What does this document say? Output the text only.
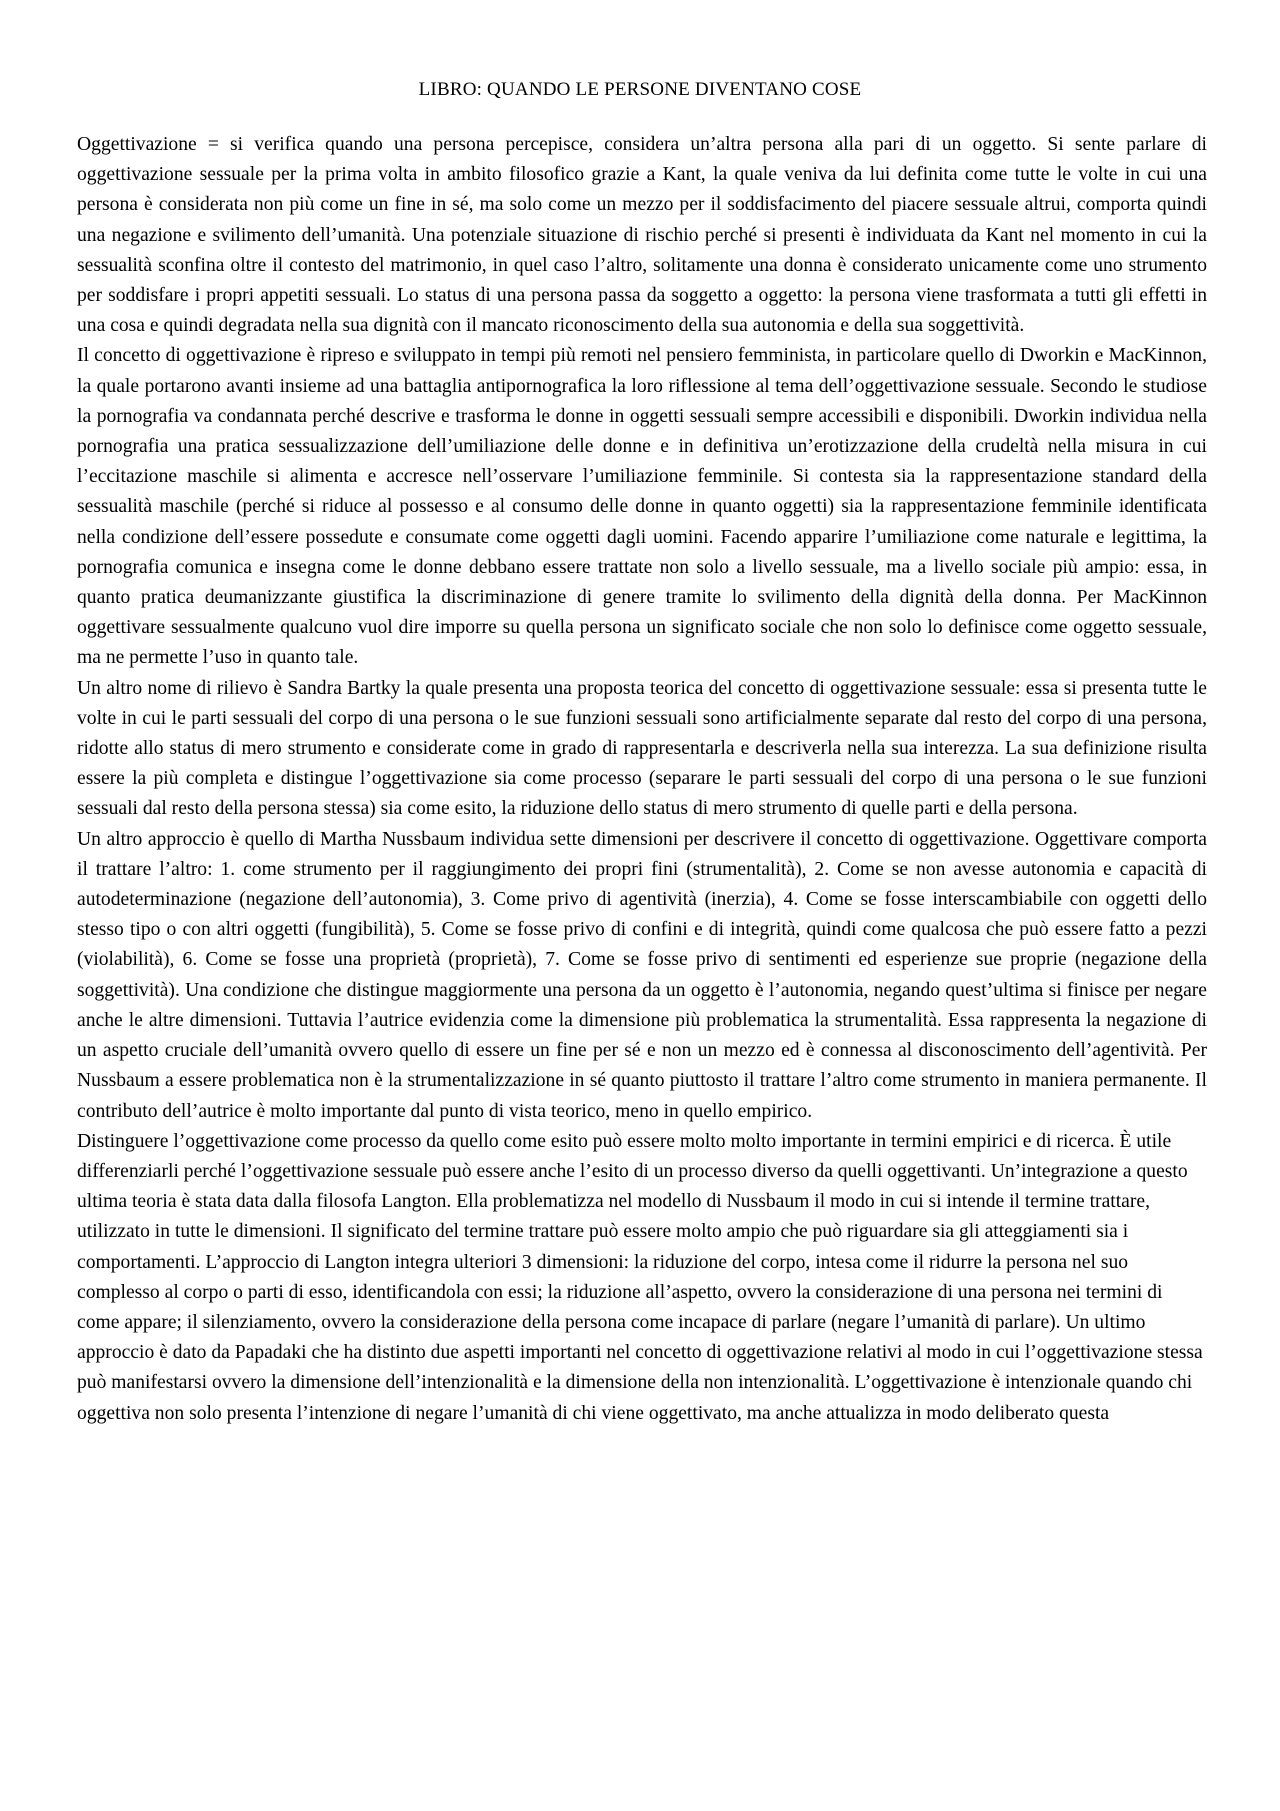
LIBRO: QUANDO LE PERSONE DIVENTANO COSE

Oggettivazione = si verifica quando una persona percepisce, considera un’altra persona alla pari di un oggetto. Si sente parlare di oggettivazione sessuale per la prima volta in ambito filosofico grazie a Kant, la quale veniva da lui definita come tutte le volte in cui una persona è considerata non più come un fine in sé, ma solo come un mezzo per il soddisfacimento del piacere sessuale altrui, comporta quindi una negazione e svilimento dell’umanità. Una potenziale situazione di rischio perché si presenti è individuata da Kant nel momento in cui la sessualità sconfina oltre il contesto del matrimonio, in quel caso l’altro, solitamente una donna è considerato unicamente come uno strumento per soddisfare i propri appetiti sessuali. Lo status di una persona passa da soggetto a oggetto: la persona viene trasformata a tutti gli effetti in una cosa e quindi degradata nella sua dignità con il mancato riconoscimento della sua autonomia e della sua soggettività.

Il concetto di oggettivazione è ripreso e sviluppato in tempi più remoti nel pensiero femminista, in particolare quello di Dworkin e MacKinnon, la quale portarono avanti insieme ad una battaglia antipornografica la loro riflessione al tema dell’oggettivazione sessuale. Secondo le studiose la pornografia va condannata perché descrive e trasforma le donne in oggetti sessuali sempre accessibili e disponibili. Dworkin individua nella pornografia una pratica sessualizzazione dell’umiliazione delle donne e in definitiva un’erotizzazione della crudeltà nella misura in cui l’eccitazione maschile si alimenta e accresce nell’osservare l’umiliazione femminile. Si contesta sia la rappresentazione standard della sessualità maschile (perché si riduce al possesso e al consumo delle donne in quanto oggetti) sia la rappresentazione femminile identificata nella condizione dell’essere possedute e consumate come oggetti dagli uomini. Facendo apparire l’umiliazione come naturale e legittima, la pornografia comunica e insegna come le donne debbano essere trattate non solo a livello sessuale, ma a livello sociale più ampio: essa, in quanto pratica deumanizzante giustifica la discriminazione di genere tramite lo svilimento della dignità della donna. Per MacKinnon oggettivare sessualmente qualcuno vuol dire imporre su quella persona un significato sociale che non solo lo definisce come oggetto sessuale, ma ne permette l’uso in quanto tale.

Un altro nome di rilievo è Sandra Bartky la quale presenta una proposta teorica del concetto di oggettivazione sessuale: essa si presenta tutte le volte in cui le parti sessuali del corpo di una persona o le sue funzioni sessuali sono artificialmente separate dal resto del corpo di una persona, ridotte allo status di mero strumento e considerate come in grado di rappresentarla e descriverla nella sua interezza. La sua definizione risulta essere la più completa e distingue l’oggettivazione sia come processo (separare le parti sessuali del corpo di una persona o le sue funzioni sessuali dal resto della persona stessa) sia come esito, la riduzione dello status di mero strumento di quelle parti e della persona.

Un altro approccio è quello di Martha Nussbaum individua sette dimensioni per descrivere il concetto di oggettivazione. Oggettivare comporta il trattare l’altro: 1. come strumento per il raggiungimento dei propri fini (strumentalità), 2. Come se non avesse autonomia e capacità di autodeterminazione (negazione dell’autonomia), 3. Come privo di agentività (inerzia), 4. Come se fosse interscambiabile con oggetti dello stesso tipo o con altri oggetti (fungibilità), 5. Come se fosse privo di confini e di integrità, quindi come qualcosa che può essere fatto a pezzi (violabilità), 6. Come se fosse una proprietà (proprietà), 7. Come se fosse privo di sentimenti ed esperienze sue proprie (negazione della soggettività). Una condizione che distingue maggiormente una persona da un oggetto è l’autonomia, negando quest’ultima si finisce per negare anche le altre dimensioni. Tuttavia l’autrice evidenzia come la dimensione più problematica la strumentalità. Essa rappresenta la negazione di un aspetto cruciale dell’umanità ovvero quello di essere un fine per sé e non un mezzo ed è connessa al disconoscimento dell’agentività. Per Nussbaum a essere problematica non è la strumentalizzazione in sé quanto piuttosto il trattare l’altro come strumento in maniera permanente. Il contributo dell’autrice è molto importante dal punto di vista teorico, meno in quello empirico.

Distinguere l’oggettivazione come processo da quello come esito può essere molto molto importante in termini empirici e di ricerca. È utile differenziarli perché l’oggettivazione sessuale può essere anche l’esito di un processo diverso da quelli oggettivanti. Un’integrazione a questo ultima teoria è stata data dalla filosofa Langton. Ella problematizza nel modello di Nussbaum il modo in cui si intende il termine trattare, utilizzato in tutte le dimensioni. Il significato del termine trattare può essere molto ampio che può riguardare sia gli atteggiamenti sia i comportamenti. L’approccio di Langton integra ulteriori 3 dimensioni: la riduzione del corpo, intesa come il ridurre la persona nel suo complesso al corpo o parti di esso, identificandola con essi; la riduzione all’aspetto, ovvero la considerazione di una persona nei termini di come appare; il silenziamento, ovvero la considerazione della persona come incapace di parlare (negare l’umanità di parlare). Un ultimo approccio è dato da Papadaki che ha distinto due aspetti importanti nel concetto di oggettivazione relativi al modo in cui l’oggettivazione stessa può manifestarsi ovvero la dimensione dell’intenzionalità e la dimensione della non intenzionalità. L’oggettivazione è intenzionale quando chi oggettiva non solo presenta l’intenzione di negare l’umanità di chi viene oggettivato, ma anche attualizza in modo deliberato questa
